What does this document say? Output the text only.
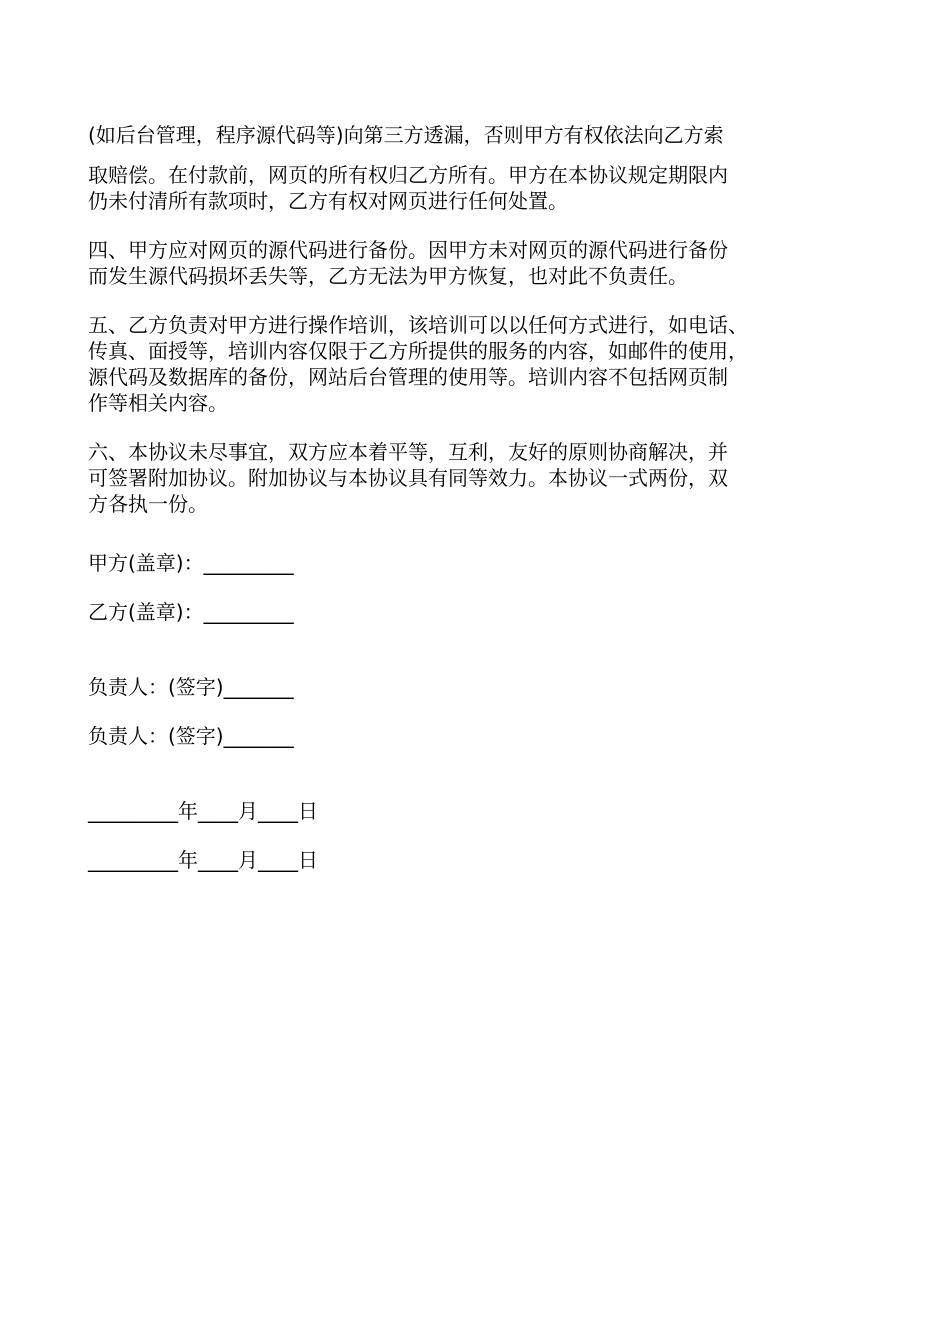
(如后台管理，程序源代码等)向第三方透漏，否则甲方有权依法向乙方索
取赔偿。在付款前，网页的所有权归乙方所有。甲方在本协议规定期限内
仍未付清所有款项时，乙方有权对网页进行任何处置。
四、甲方应对网页的源代码进行备份。因甲方未对网页的源代码进行备份
而发生源代码损坏丢失等，乙方无法为甲方恢复，也对此不负责任。
五、乙方负责对甲方进行操作培训，该培训可以以任何方式进行，如电话、
传真、面授等，培训内容仅限于乙方所提供的服务的内容，如邮件的使用，
源代码及数据库的备份，网站后台管理的使用等。培训内容不包括网页制
作等相关内容。
六、本协议未尽事宜，双方应本着平等，互利，友好的原则协商解决，并
可签署附加协议。附加协议与本协议具有同等效力。本协议一式两份，双
方各执一份。
甲方(盖章)：_________
乙方(盖章)：_________
负责人：(签字)_______
负责人：(签字)_______
_________年____月____日
_________年____月____日
